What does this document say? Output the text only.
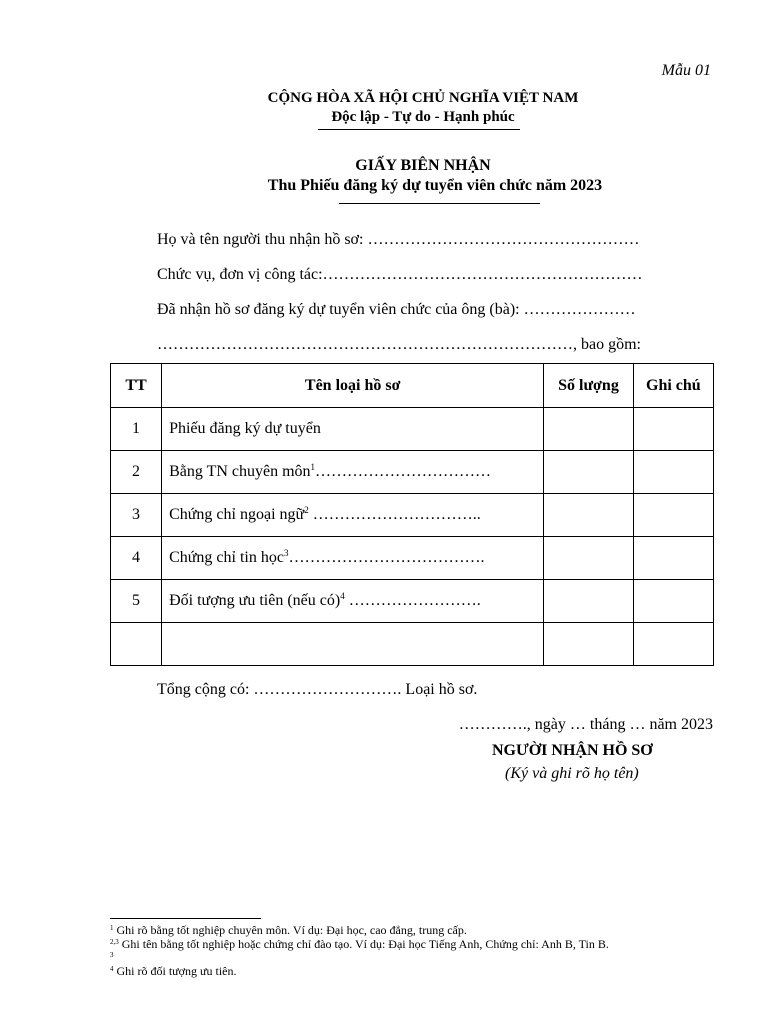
Mẫu 01
CỘNG HÒA XÃ HỘI CHỦ NGHĨA VIỆT NAM
Độc lập - Tự do - Hạnh phúc
GIẤY BIÊN NHẬN
Thu Phiếu đăng ký dự tuyển viên chức năm 2023
Họ và tên người thu nhận hồ sơ: ……………………………………………
Chức vụ, đơn vị công tác:……………………………………………………
Đã nhận hồ sơ đăng ký dự tuyển viên chức của ông (bà): …………………
……………………………………………………………………, bao gồm:
TT	Tên loại hồ sơ	Số lượng	Ghi chú
1	Phiếu đăng ký dự tuyển		
2	Bằng TN chuyên môn$^1$……………………………		
3	Chứng chỉ ngoại ngữ$^2$ …………………………..		
4	Chứng chỉ tin học$^3$……………………………….		
5	Đối tượng ưu tiên (nếu có)$^4$ …………………….		

Tổng cộng có: ………………………. Loại hồ sơ.
…………., ngày … tháng … năm 2023
NGƯỜI NHẬN HỒ SƠ
(Ký và ghi rõ họ tên)
$^1$ Ghi rõ bằng tốt nghiệp chuyên môn. Ví dụ: Đại học, cao đẳng, trung cấp.
$^{2,3}$ Ghi tên bằng tốt nghiệp hoặc chứng chỉ đào tạo. Ví dụ: Đại học Tiếng Anh, Chứng chỉ: Anh B, Tin B.
$^3$
$^4$ Ghi rõ đối tượng ưu tiên.
